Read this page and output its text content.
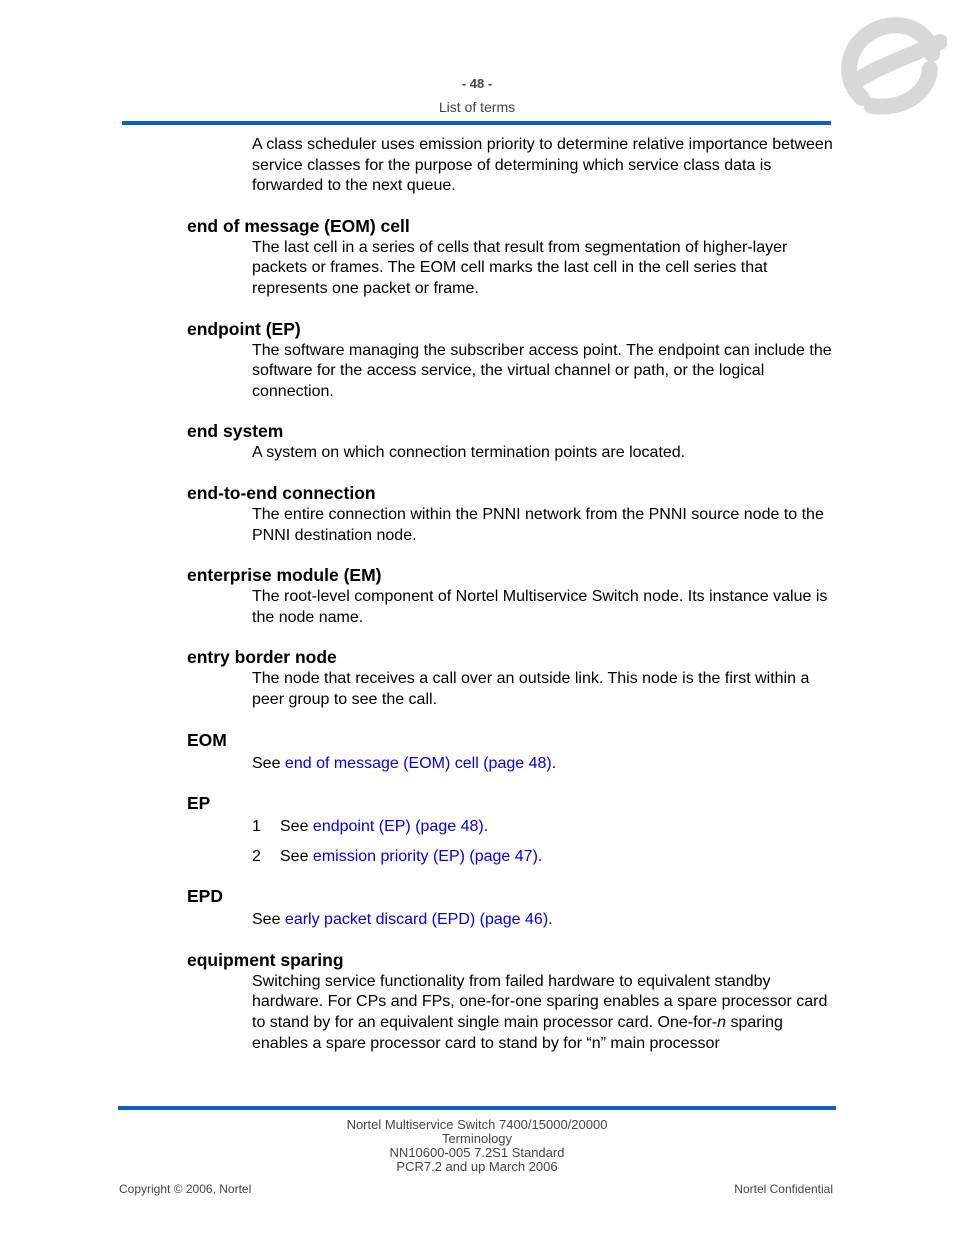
- 48 -
List of terms

A class scheduler uses emission priority to determine relative importance between service classes for the purpose of determining which service class data is forwarded to the next queue.

end of message (EOM) cell

The last cell in a series of cells that result from segmentation of higher-layer packets or frames. The EOM cell marks the last cell in the cell series that represents one packet or frame.

endpoint (EP)

The software managing the subscriber access point. The endpoint can include the software for the access service, the virtual channel or path, or the logical connection.

end system

A system on which connection termination points are located.

end-to-end connection

The entire connection within the PNNI network from the PNNI source node to the PNNI destination node.

enterprise module (EM)

The root-level component of Nortel Multiservice Switch node. Its instance value is the node name.

entry border node

The node that receives a call over an outside link. This node is the first within a peer group to see the call.

EOM

See end of message (EOM) cell (page 48).

EP

1	See endpoint (EP) (page 48).
2	See emission priority (EP) (page 47).

EPD

See early packet discard (EPD) (page 46).

equipment sparing

Switching service functionality from failed hardware to equivalent standby hardware. For CPs and FPs, one-for-one sparing enables a spare processor card to stand by for an equivalent single main processor card. One-for-n sparing enables a spare processor card to stand by for “n” main processor

Nortel Multiservice Switch 7400/15000/20000
Terminology
NN10600-005 7.2S1 Standard
PCR7.2 and up March 2006
Copyright © 2006, Nortel	Nortel Confidential
